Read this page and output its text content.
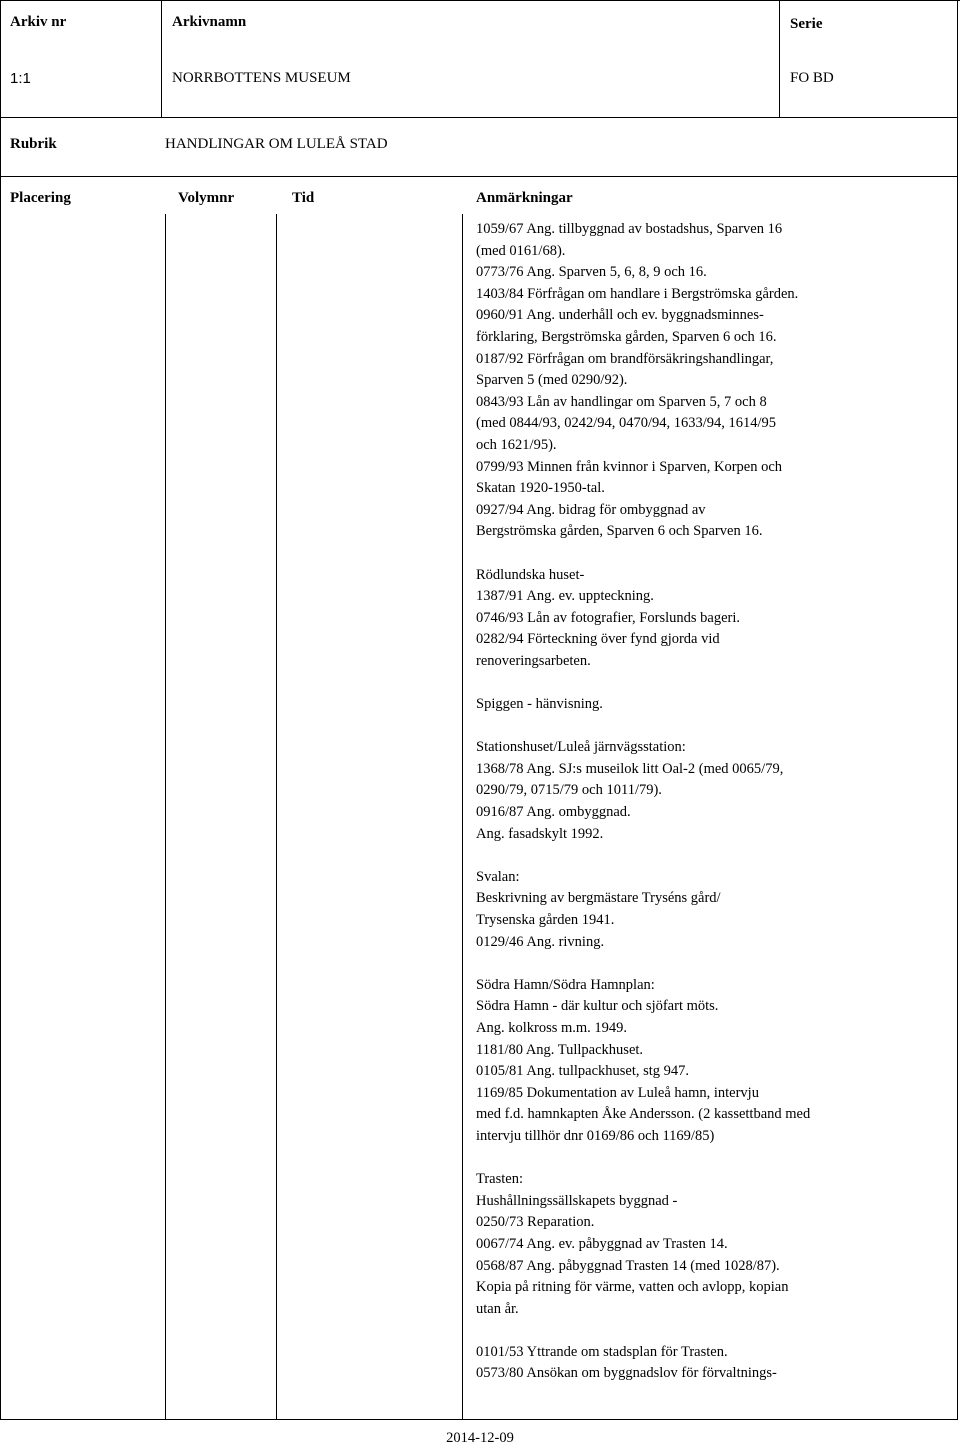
Arkiv nr	Arkivnamn	Serie
1:1	NORRBOTTENS MUSEUM	FO BD
Rubrik	HANDLINGAR OM LULEÅ STAD
Placering	Volymnr	Tid	Anmärkningar
1059/67 Ang. tillbyggnad av bostadshus, Sparven 16
(med 0161/68).
0773/76 Ang. Sparven 5, 6, 8, 9 och 16.
1403/84 Förfrågan om handlare i Bergströmska gården.
0960/91 Ang. underhåll och ev. byggnadsminnes-
förklaring, Bergströmska gården, Sparven 6 och 16.
0187/92 Förfrågan om brandförsäkringshandlingar,
Sparven 5 (med 0290/92).
0843/93 Lån av handlingar om Sparven 5, 7 och 8
(med 0844/93, 0242/94, 0470/94, 1633/94, 1614/95
och 1621/95).
0799/93 Minnen från kvinnor i Sparven, Korpen och
Skatan 1920-1950-tal.
0927/94 Ang. bidrag för ombyggnad av
Bergströmska gården, Sparven 6 och Sparven 16.
Rödlundska huset-
1387/91 Ang. ev. uppteckning.
0746/93 Lån av fotografier, Forslunds bageri.
0282/94 Förteckning över fynd gjorda vid
renoveringsarbeten.
Spiggen - hänvisning.
Stationshuset/Luleå järnvägsstation:
1368/78 Ang. SJ:s museilok litt Oal-2 (med 0065/79,
0290/79, 0715/79 och 1011/79).
0916/87 Ang. ombyggnad.
Ang. fasadskylt 1992.
Svalan:
Beskrivning av bergmästare Tryséns gård/
Trysenska gården 1941.
0129/46 Ang. rivning.
Södra Hamn/Södra Hamnplan:
Södra Hamn - där kultur och sjöfart möts.
Ang. kolkross m.m. 1949.
1181/80 Ang. Tullpackhuset.
0105/81 Ang. tullpackhuset, stg 947.
1169/85 Dokumentation av Luleå hamn, intervju
med f.d. hamnkapten Åke Andersson. (2 kassettband med
intervju tillhör dnr 0169/86 och 1169/85)
Trasten:
Hushållningssällskapets byggnad -
0250/73 Reparation.
0067/74 Ang. ev. påbyggnad av Trasten 14.
0568/87 Ang. påbyggnad Trasten 14 (med 1028/87).
Kopia på ritning för värme, vatten och avlopp, kopian
utan år.
0101/53 Yttrande om stadsplan för Trasten.
0573/80 Ansökan om byggnadslov för förvaltnings-
2014-12-09
